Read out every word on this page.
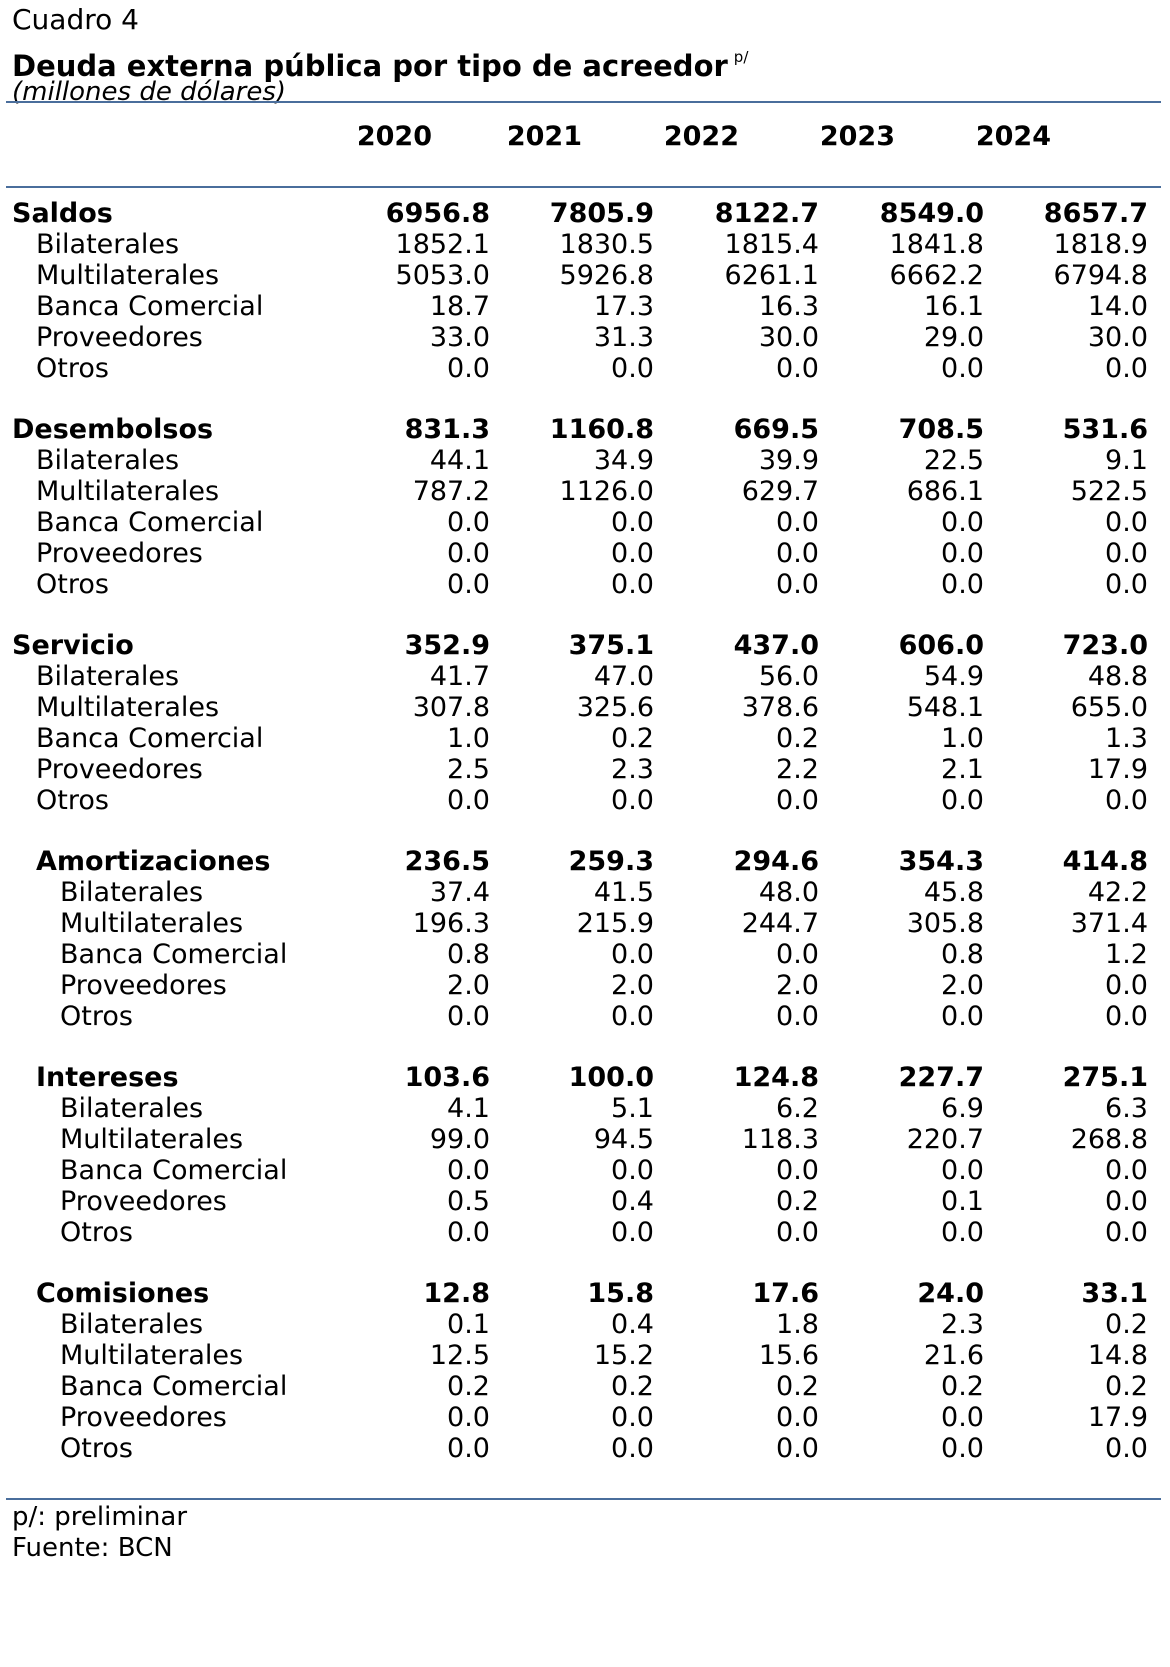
Cuadro 4
Deuda externa pública por tipo de acreedor $^{p/}$
(millones de dólares)
2020	2021	2022	2023	2024
Saldos	6956.8	7805.9	8122.7	8549.0	8657.7
Bilaterales	1852.1	1830.5	1815.4	1841.8	1818.9
Multilaterales	5053.0	5926.8	6261.1	6662.2	6794.8
Banca Comercial	18.7	17.3	16.3	16.1	14.0
Proveedores	33.0	31.3	30.0	29.0	30.0
Otros	0.0	0.0	0.0	0.0	0.0
Desembolsos	831.3	1160.8	669.5	708.5	531.6
Bilaterales	44.1	34.9	39.9	22.5	9.1
Multilaterales	787.2	1126.0	629.7	686.1	522.5
Banca Comercial	0.0	0.0	0.0	0.0	0.0
Proveedores	0.0	0.0	0.0	0.0	0.0
Otros	0.0	0.0	0.0	0.0	0.0
Servicio	352.9	375.1	437.0	606.0	723.0
Bilaterales	41.7	47.0	56.0	54.9	48.8
Multilaterales	307.8	325.6	378.6	548.1	655.0
Banca Comercial	1.0	0.2	0.2	1.0	1.3
Proveedores	2.5	2.3	2.2	2.1	17.9
Otros	0.0	0.0	0.0	0.0	0.0
Amortizaciones	236.5	259.3	294.6	354.3	414.8
Bilaterales	37.4	41.5	48.0	45.8	42.2
Multilaterales	196.3	215.9	244.7	305.8	371.4
Banca Comercial	0.8	0.0	0.0	0.8	1.2
Proveedores	2.0	2.0	2.0	2.0	0.0
Otros	0.0	0.0	0.0	0.0	0.0
Intereses	103.6	100.0	124.8	227.7	275.1
Bilaterales	4.1	5.1	6.2	6.9	6.3
Multilaterales	99.0	94.5	118.3	220.7	268.8
Banca Comercial	0.0	0.0	0.0	0.0	0.0
Proveedores	0.5	0.4	0.2	0.1	0.0
Otros	0.0	0.0	0.0	0.0	0.0
Comisiones	12.8	15.8	17.6	24.0	33.1
Bilaterales	0.1	0.4	1.8	2.3	0.2
Multilaterales	12.5	15.2	15.6	21.6	14.8
Banca Comercial	0.2	0.2	0.2	0.2	0.2
Proveedores	0.0	0.0	0.0	0.0	17.9
Otros	0.0	0.0	0.0	0.0	0.0
p/: preliminar
Fuente: BCN
